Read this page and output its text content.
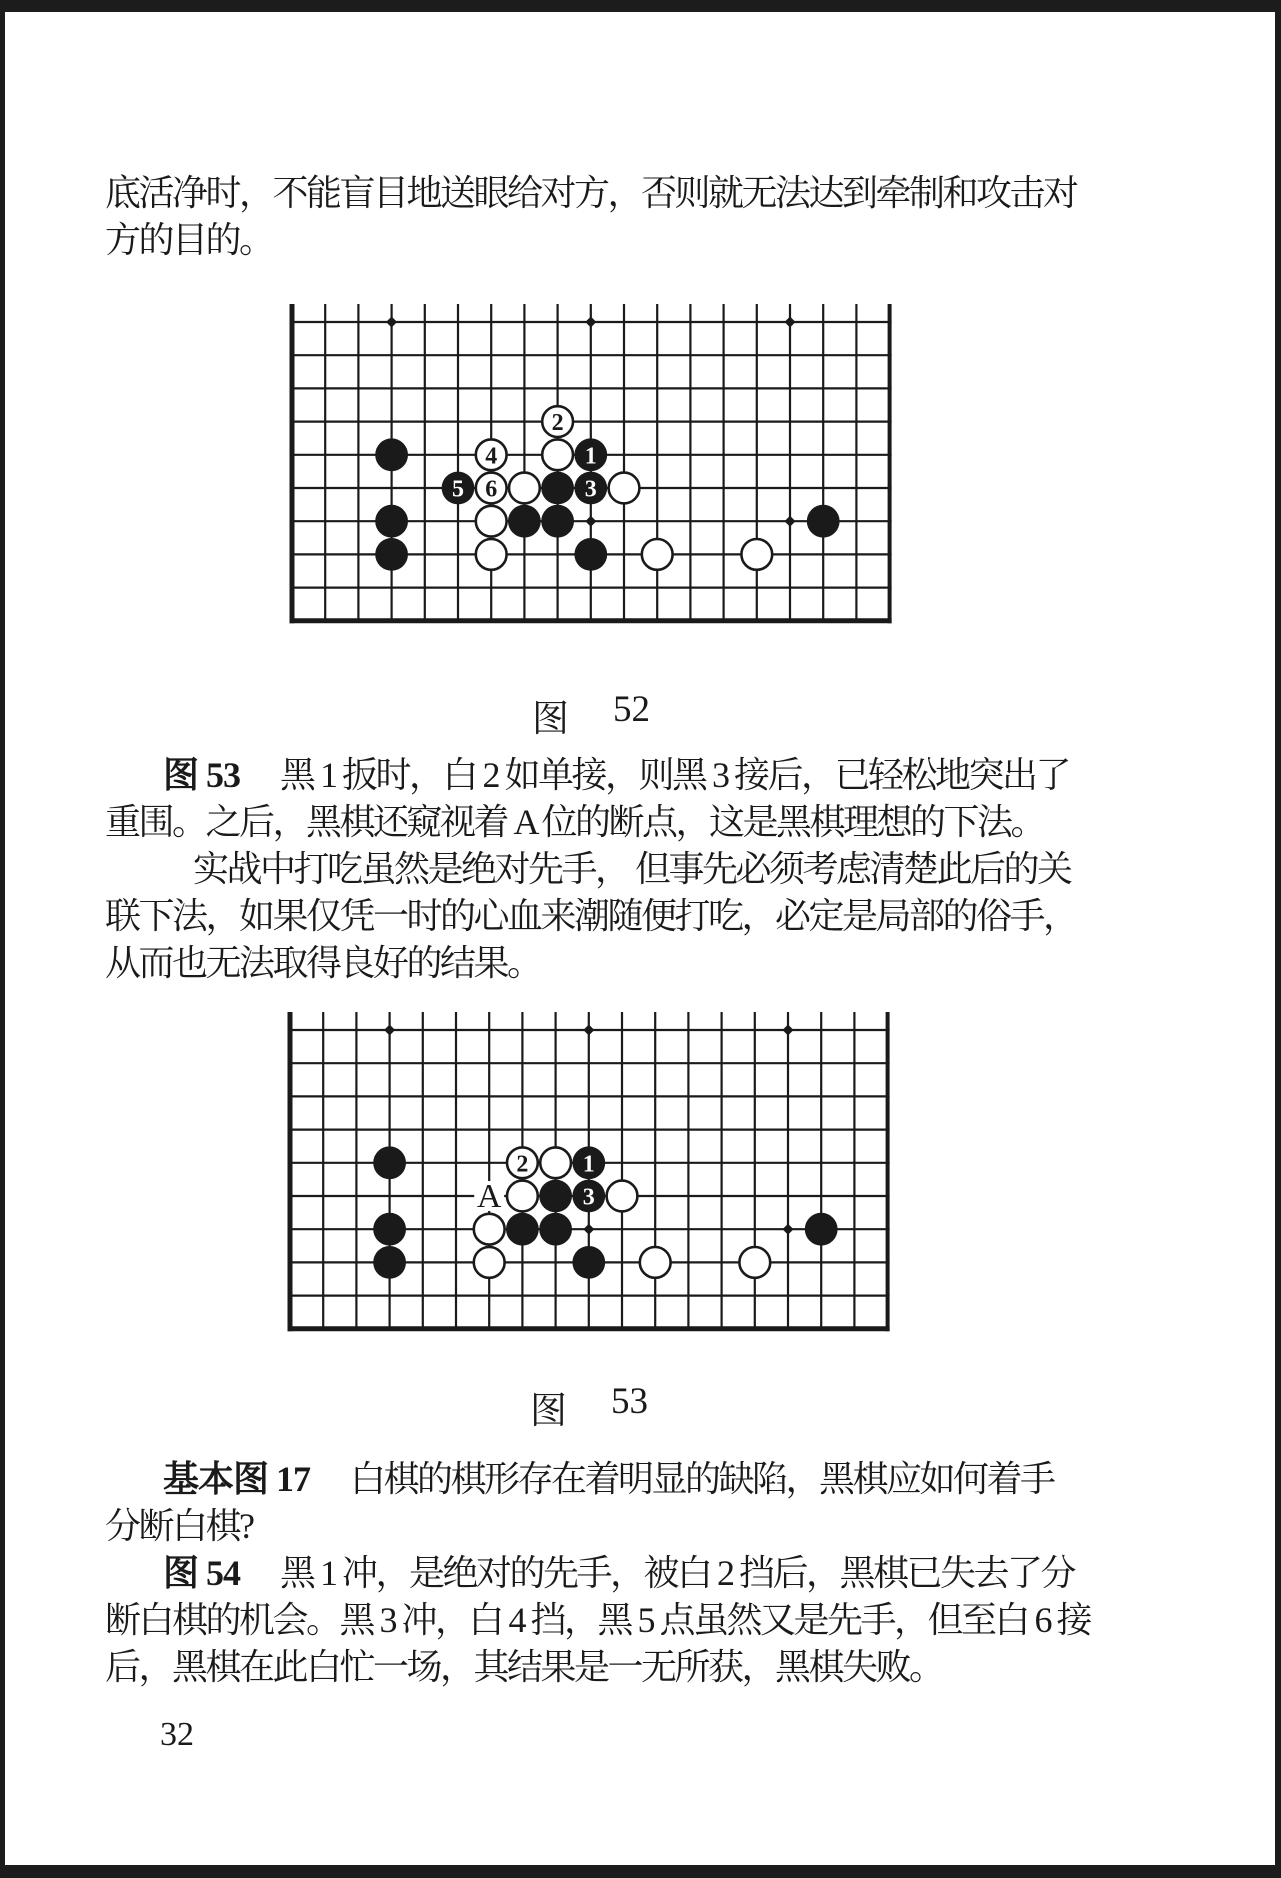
底活净时，不能盲目地送眼给对方，否则就无法达到牵制和攻击对
方的目的。
1
2
3
4
5 6
图 52
图 53 黑 1 扳时，白 2 如单接，则黑 3 接后，已轻松地突出了
重围。之后，黑棋还窥视着 A 位的断点，这是黑棋理想的下法。
实战中打吃虽然是绝对先手， 但事先必须考虑清楚此后的关
联下法，如果仅凭一时的心血来潮随便打吃，必定是局部的俗手，
从而也无法取得良好的结果。
1
2
3
A
图 53
基本图 17 白棋的棋形存在着明显的缺陷，黑棋应如何着手
分断白棋?
图 54 黑 1 冲，是绝对的先手，被白 2 挡后，黑棋已失去了分
断白棋的机会。黑 3 冲，白 4 挡，黑 5 点虽然又是先手，但至白 6 接
后，黑棋在此白忙一场，其结果是一无所获，黑棋失败。
32
